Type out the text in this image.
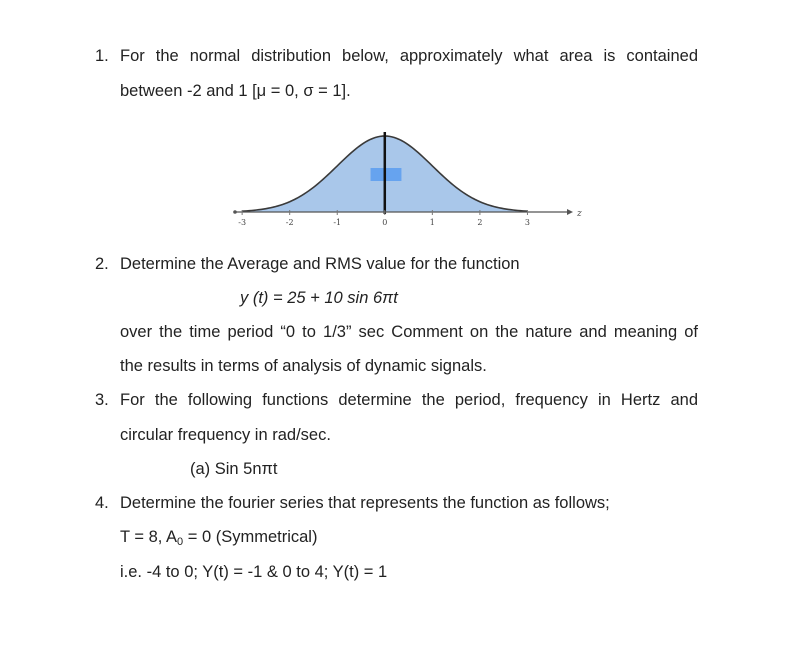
1. For the normal distribution below, approximately what area is contained
between -2 and 1 [μ = 0, σ = 1].
-3	-2	-1	0	1	2	3
z
2. Determine the Average and RMS value for the function
y (t) = 25 + 10 sin 6πt
over the time period “0 to 1/3” sec Comment on the nature and meaning of
the results in terms of analysis of dynamic signals.
3. For the following functions determine the period, frequency in Hertz and
circular frequency in rad/sec.
(a) Sin 5nπt
4. Determine the fourier series that represents the function as follows;
T = 8, $A_0 = 0$ (Symmetrical)
i.e. -4 to 0; Y(t) = -1 & 0 to 4; Y(t) = 1
